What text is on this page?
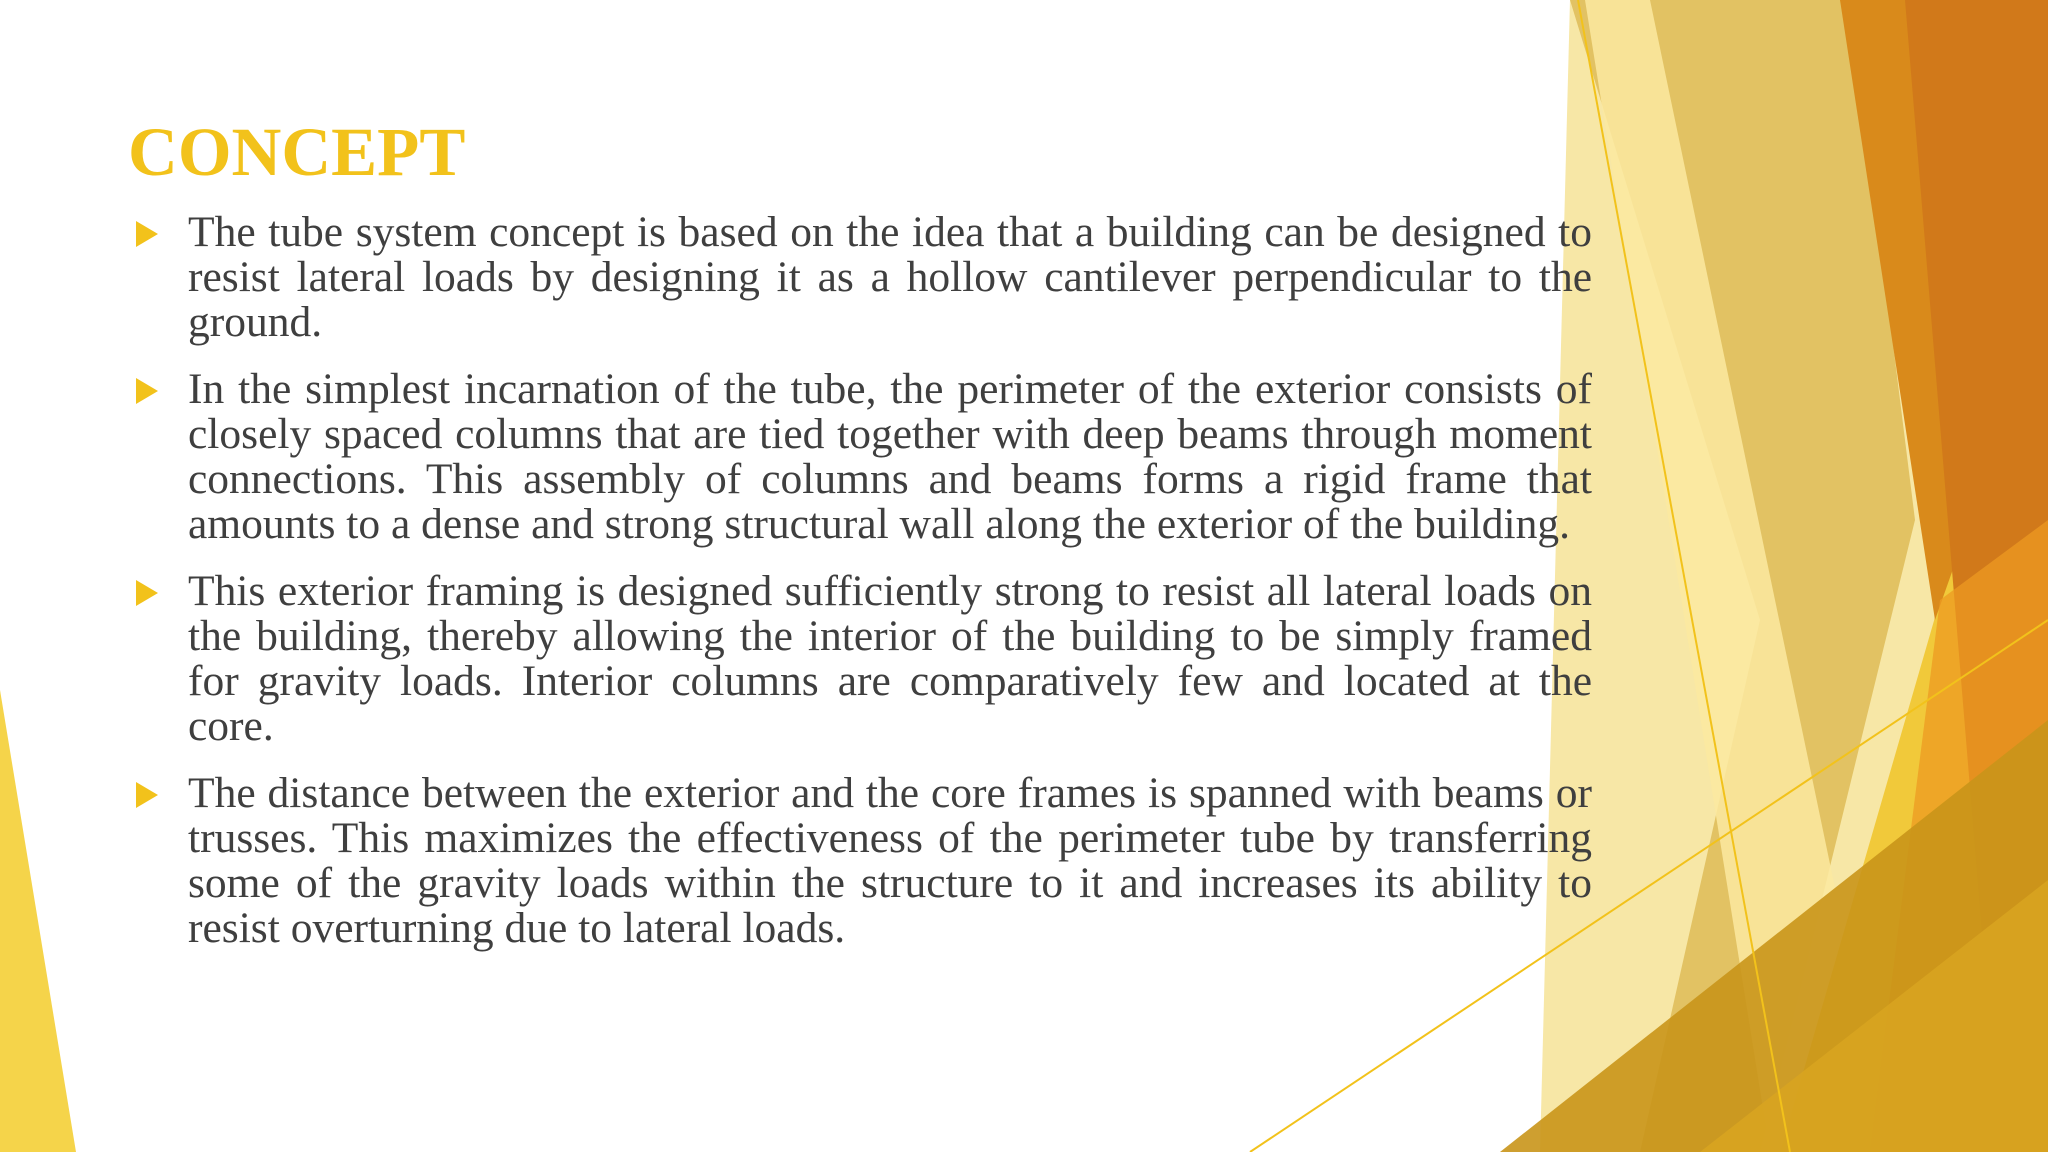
CONCEPT
The tube system concept is based on the idea that a building can be designed to resist lateral loads by designing it as a hollow cantilever perpendicular to the ground.
In the simplest incarnation of the tube, the perimeter of the exterior consists of closely spaced columns that are tied together with deep beams through moment connections. This assembly of columns and beams forms a rigid frame that amounts to a dense and strong structural wall along the exterior of the building.
This exterior framing is designed sufficiently strong to resist all lateral loads on the building, thereby allowing the interior of the building to be simply framed for gravity loads. Interior columns are comparatively few and located at the core.
The distance between the exterior and the core frames is spanned with beams or trusses. This maximizes the effectiveness of the perimeter tube by transferring some of the gravity loads within the structure to it and increases its ability to resist overturning due to lateral loads.
